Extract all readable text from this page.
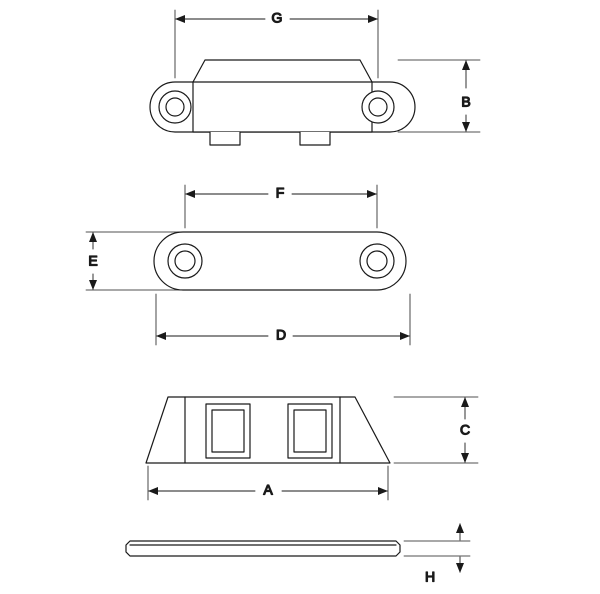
G
B
F
E
D
C
A
H
